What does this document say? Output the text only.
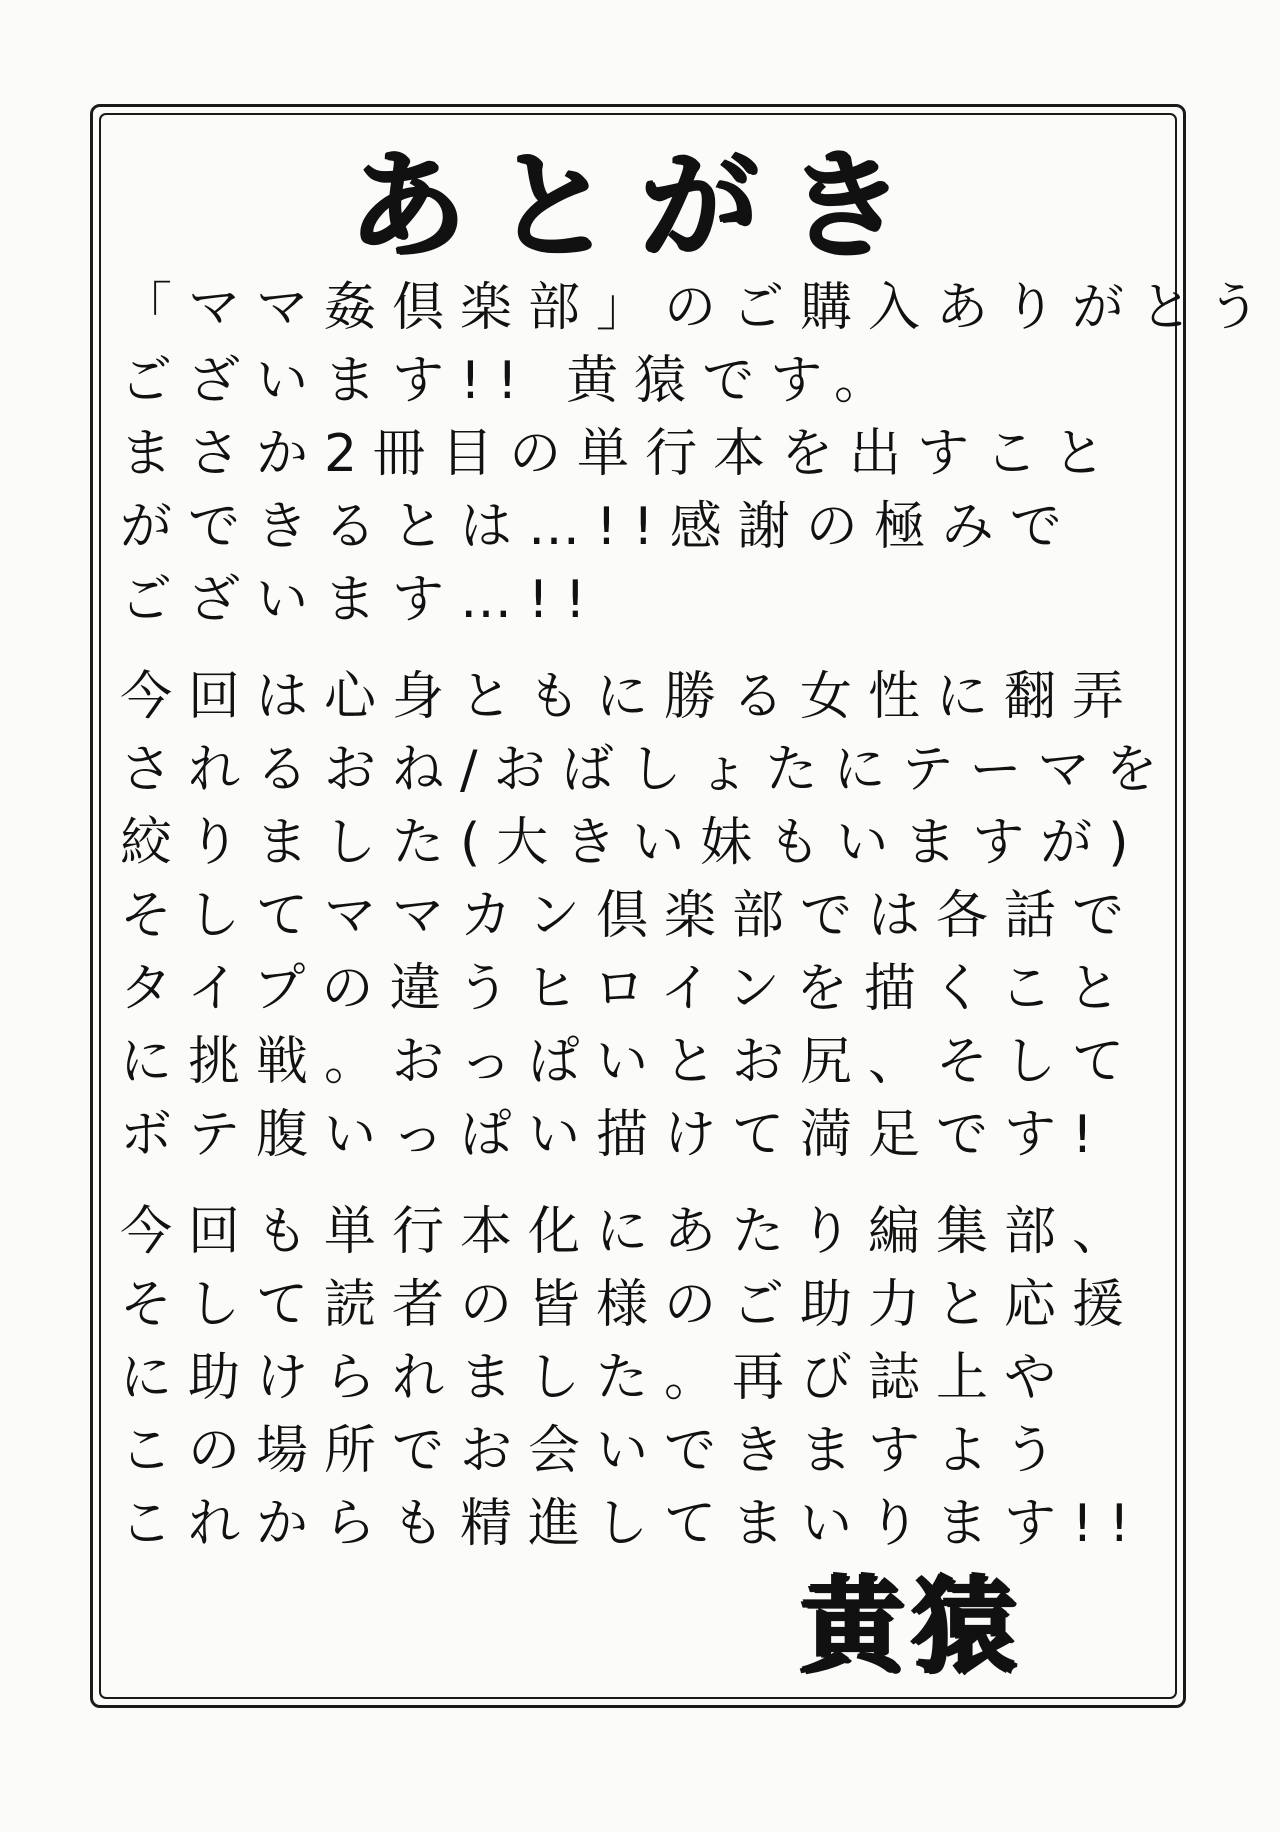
あとがき

「ママ姦倶楽部」のご購入ありがとう
ございます!! 黄猿です。
まさか2冊目の単行本を出すこと
ができるとは…!!感謝の極みで
ございます…!!

今回は心身ともに勝る女性に翻弄
されるおね/おばしょたにテーマを
絞りました(大きい妹もいますが)
そしてママカン倶楽部では各話で
タイプの違うヒロインを描くこと
に挑戦。おっぱいとお尻、そして
ボテ腹いっぱい描けて満足です!

今回も単行本化にあたり編集部、
そして読者の皆様のご助力と応援
に助けられました。再び誌上や
この場所でお会いできますよう
これからも精進してまいります!!

黄猿
